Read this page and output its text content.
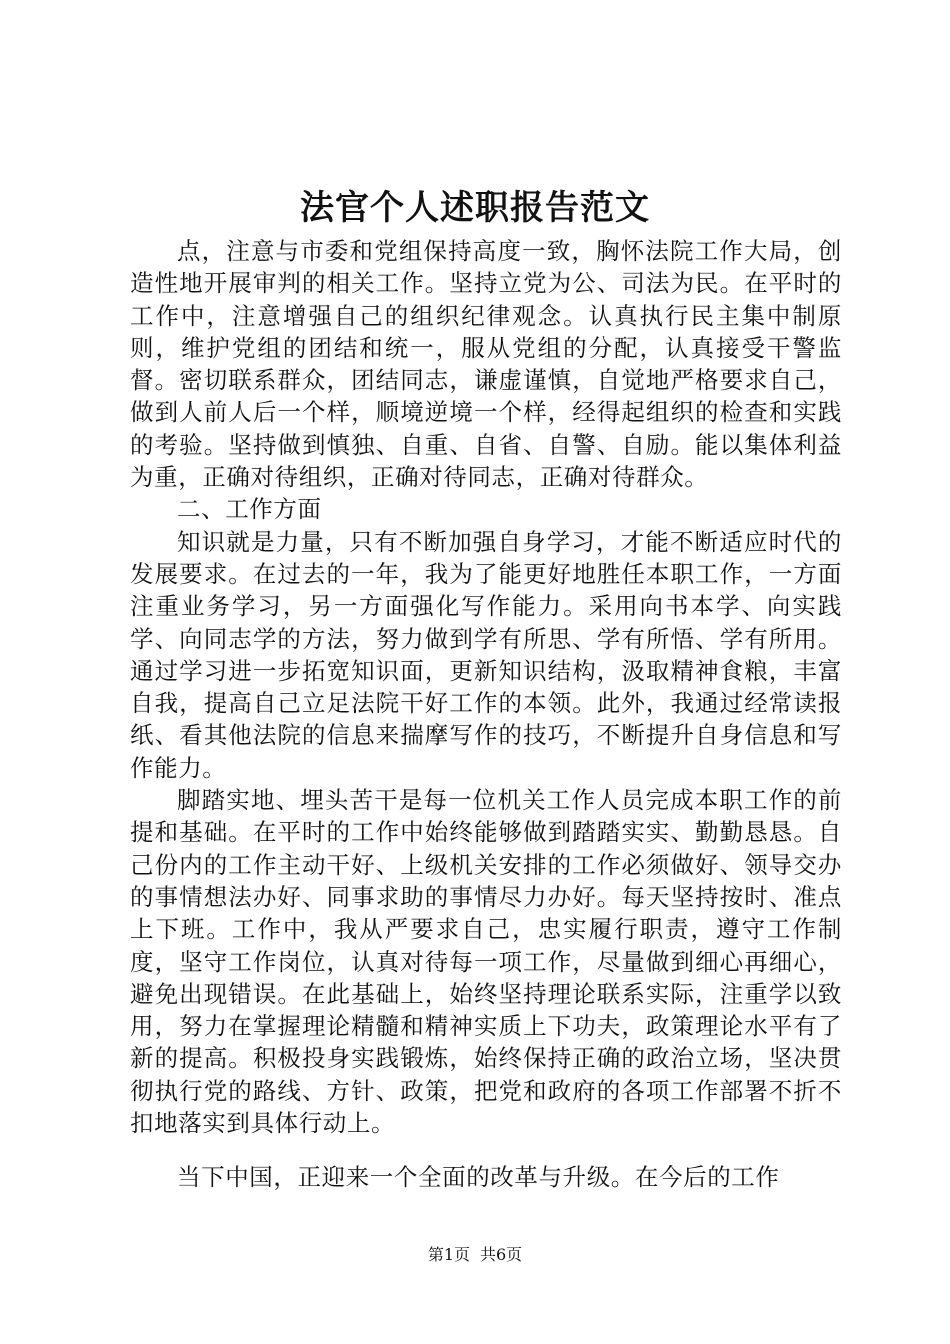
法官个人述职报告范文

点，注意与市委和党组保持高度一致，胸怀法院工作大局，创造性地开展审判的相关工作。坚持立党为公、司法为民。在平时的工作中，注意增强自己的组织纪律观念。认真执行民主集中制原则，维护党组的团结和统一，服从党组的分配，认真接受干警监督。密切联系群众，团结同志，谦虚谨慎，自觉地严格要求自己，做到人前人后一个样，顺境逆境一个样，经得起组织的检查和实践的考验。坚持做到慎独、自重、自省、自警、自励。能以集体利益为重，正确对待组织，正确对待同志，正确对待群众。

二、工作方面

知识就是力量，只有不断加强自身学习，才能不断适应时代的发展要求。在过去的一年，我为了能更好地胜任本职工作，一方面注重业务学习，另一方面强化写作能力。采用向书本学、向实践学、向同志学的方法，努力做到学有所思、学有所悟、学有所用。通过学习进一步拓宽知识面，更新知识结构，汲取精神食粮，丰富自我，提高自己立足法院干好工作的本领。此外，我通过经常读报纸、看其他法院的信息来揣摩写作的技巧，不断提升自身信息和写作能力。

脚踏实地、埋头苦干是每一位机关工作人员完成本职工作的前提和基础。在平时的工作中始终能够做到踏踏实实、勤勤恳恳。自己份内的工作主动干好、上级机关安排的工作必须做好、领导交办的事情想法办好、同事求助的事情尽力办好。每天坚持按时、准点上下班。工作中，我从严要求自己，忠实履行职责，遵守工作制度，坚守工作岗位，认真对待每一项工作，尽量做到细心再细心，避免出现错误。在此基础上，始终坚持理论联系实际，注重学以致用，努力在掌握理论精髓和精神实质上下功夫，政策理论水平有了新的提高。积极投身实践锻炼，始终保持正确的政治立场，坚决贯彻执行党的路线、方针、政策，把党和政府的各项工作部署不折不扣地落实到具体行动上。

当下中国，正迎来一个全面的改革与升级。在今后的工作

第1页 共6页
